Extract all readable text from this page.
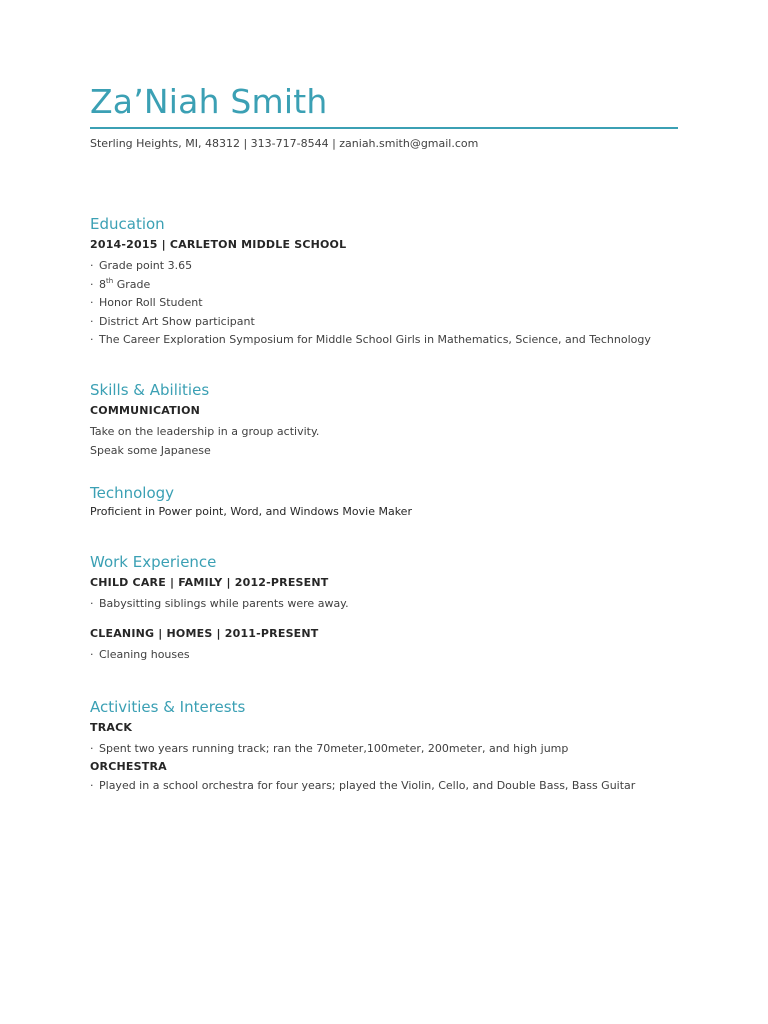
Za’Niah Smith
Sterling Heights, MI, 48312 | 313-717-8544 | zaniah.smith@gmail.com
Education
2014-2015 | CARLETON MIDDLE SCHOOL
· Grade point 3.65
· 8th Grade
· Honor Roll Student
· District Art Show participant
· The Career Exploration Symposium for Middle School Girls in Mathematics, Science, and Technology
Skills & Abilities
COMMUNICATION
Take on the leadership in a group activity.
Speak some Japanese
Technology
Proficient in Power point, Word, and Windows Movie Maker
Work Experience
CHILD CARE | FAMILY | 2012-PRESENT
· Babysitting siblings while parents were away.
CLEANING | HOMES | 2011-PRESENT
· Cleaning houses
Activities & Interests
TRACK
· Spent two years running track; ran the 70meter,100meter, 200meter, and high jump
ORCHESTRA
· Played in a school orchestra for four years; played the Violin, Cello, and Double Bass, Bass Guitar
